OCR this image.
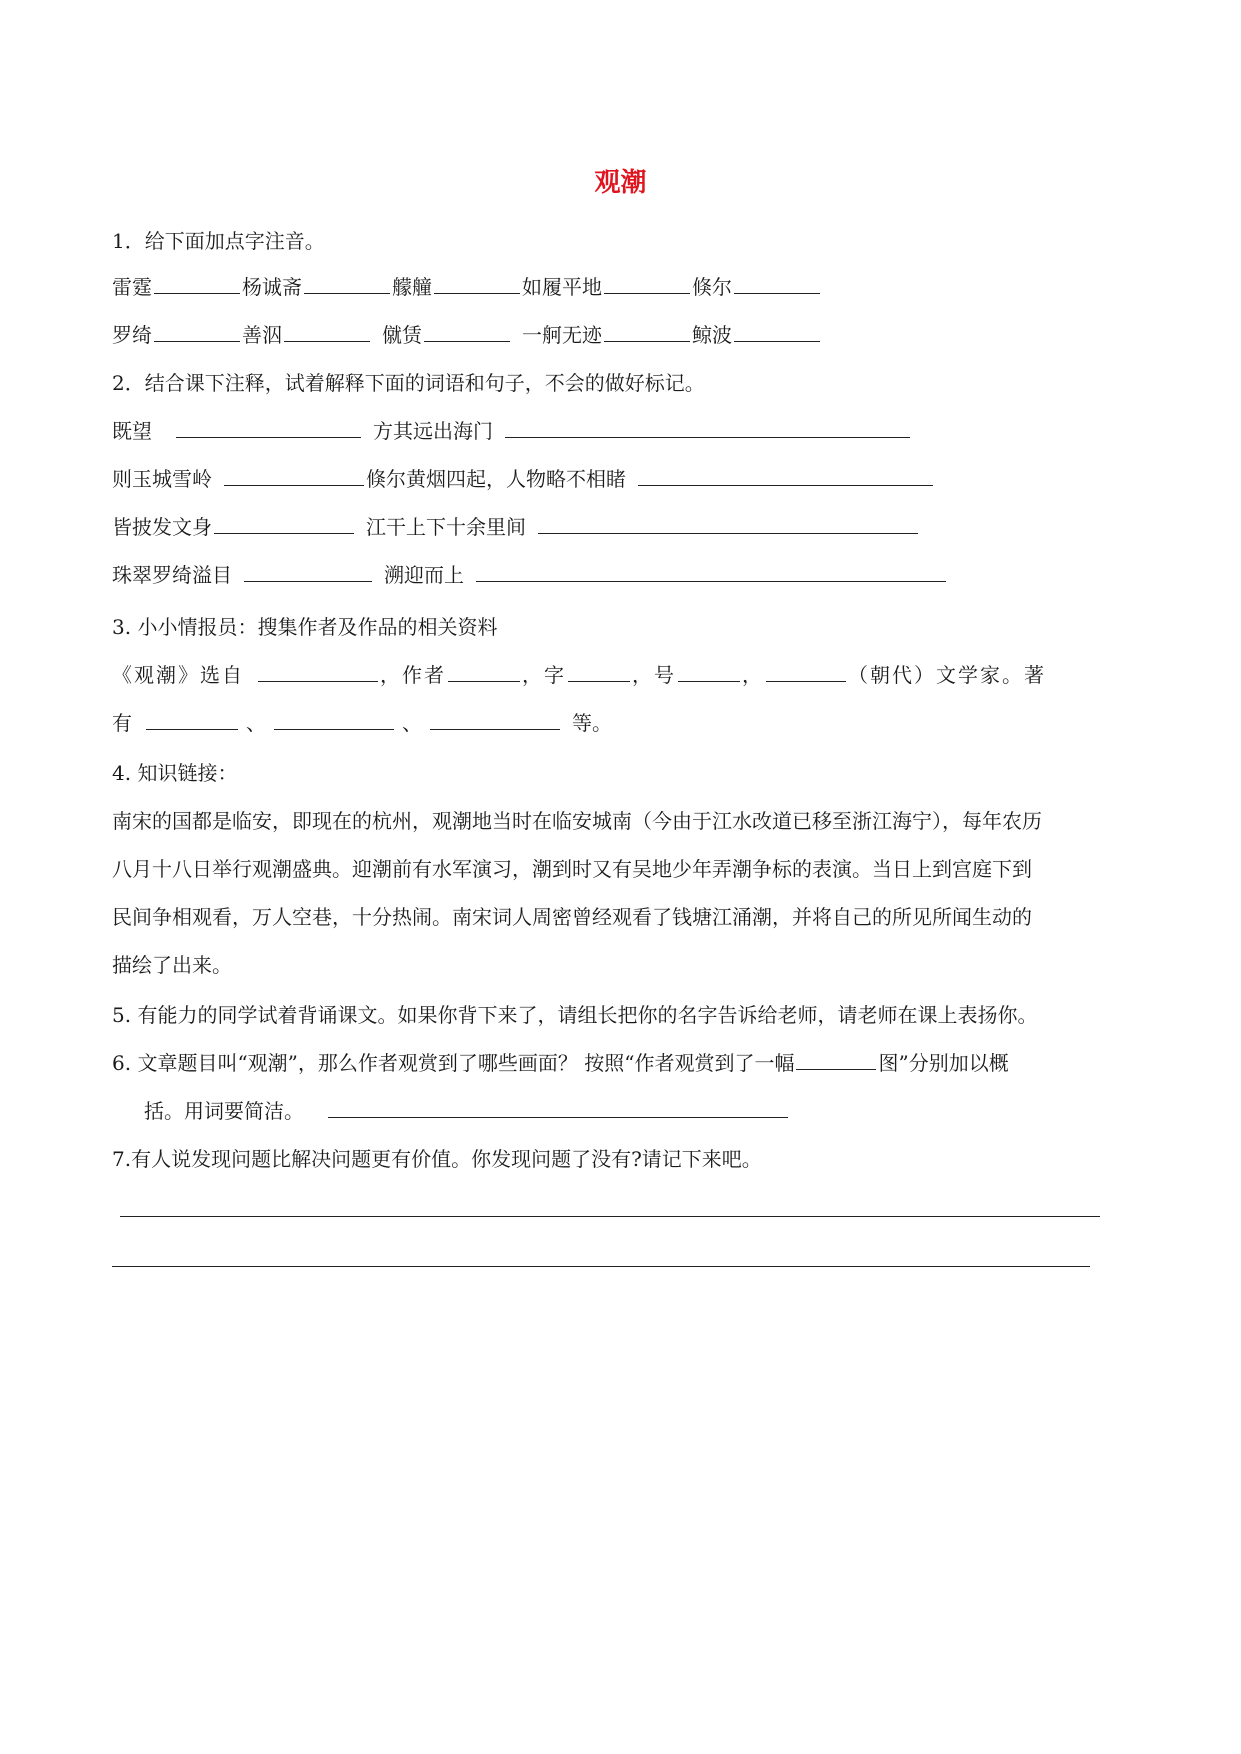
观潮
1．给下面加点字注音。
雷霆	杨诚斋	艨艟	如履平地	倏尔
罗绮	善泅	僦赁	一舸无迹	鲸波
2．结合课下注释，试着解释下面的词语和句子，不会的做好标记。
既望	方其远出海门
则玉城雪岭	倏尔黄烟四起，人物略不相睹
皆披发文身	江干上下十余里间
珠翠罗绮溢目	溯迎而上
3. 小小情报员：搜集作者及作品的相关资料
《观潮》选自	，作者	，字	，号	，	（朝代）文学家。著
有	、	、	等。
4. 知识链接：
南宋的国都是临安，即现在的杭州，观潮地当时在临安城南（今由于江水改道已移至浙江海宁），每年农历
八月十八日举行观潮盛典。迎潮前有水军演习，潮到时又有吴地少年弄潮争标的表演。当日上到宫庭下到
民间争相观看，万人空巷，十分热闹。南宋词人周密曾经观看了钱塘江涌潮，并将自己的所见所闻生动的
描绘了出来。
5. 有能力的同学试着背诵课文。如果你背下来了，请组长把你的名字告诉给老师，请老师在课上表扬你。
6. 文章题目叫“观潮”，那么作者观赏到了哪些画面？ 按照“作者观赏到了一幅	图”分别加以概
括。用词要简洁。
7.有人说发现问题比解决问题更有价值。你发现问题了没有?请记下来吧。
